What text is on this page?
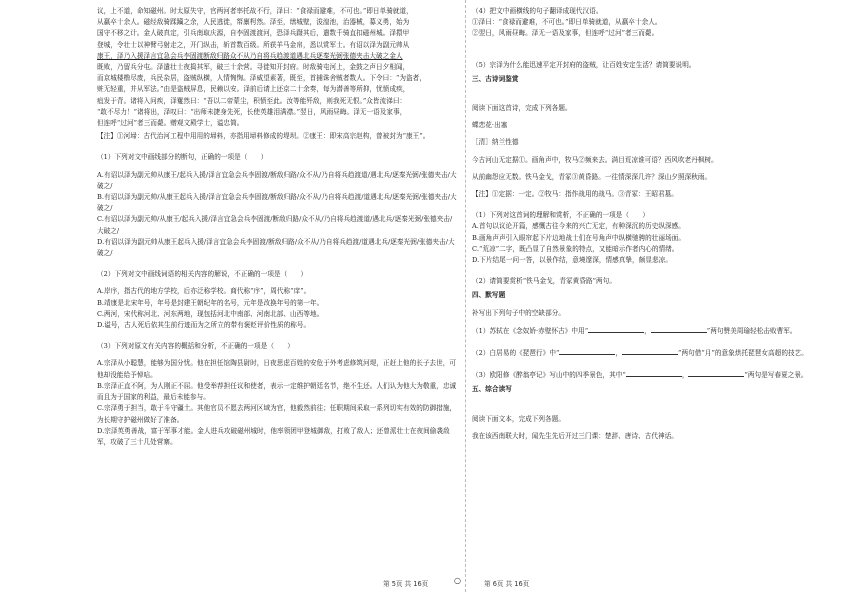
议，上不道，命知磁州。时太原失守，官两河者率托故不行，泽曰：“食禄而避难，不可也。”即日单骑就道，

从羸卒十余人。磁经敌骑蹂躏之余，人民逃徙，帑廪枵然。泽至，缮城壁，浚湟池，治器械，募义勇，始为

国守不移之计。金人破真定，引兵南取庆源，自李固渡渡河，恐泽兵蹑其后，遣数千骑直扣磁州城。泽擐甲

登城，令壮士以神臂弓射走之，开门纵击，斩首数百级。所获羊马金帛，悉以赏军士。有诏以泽为副元帅从

康王，泽乃入援泽言宜急会兵李固渡断敌归路众不从乃自将兵趋渡道遇北兵逐秦光弼张德夹击大破之金人

既败，乃留兵分屯。泽遣壮士夜捣其军，破三十余营。寻徙知开封府。时敌骑屯河上，金鼓之声日夕相闻，

而京城楼橹尽废，兵民杂居，盗贼纵横，人情恟恟。泽威望素著，既至，首捕诛舍贼者数人。下令曰：“为盗者，

赃无轻重，并从军法。”由是盗贼屏息，民赖以安。泽前后请上还京二十余奏，每为潜善等所抑，忧愤成疾，

疽发于背。诸将入问疾，泽矍然曰：“吾以二帝蒙尘，积愤至此。汝等能歼敌，则我死无恨。”众皆流涕曰：

“敢不尽力！”诸将出，泽叹曰：“出师未捷身先死，长使英雄泪满襟。”翌日，风雨昼晦。泽无一语及家事，

但连呼“过河”者三而薨。赠观文殿学士，谥忠简。

【注】①河埽：古代治河工程中用用的埽料，亦指用埽料修成的堤坝。②康王：即宋高宗赵构，曾被封为“康王”。

（1）下列对文中画线部分的断句，正确的一项是（　　）

A.有诏以泽为副元帅从康王/起兵入援/泽言宜急会兵李固渡/断敌归路/众不从/乃自将兵趋渡道/遇北兵/逐秦光弼/张德夹击/大破之/

B.有诏以泽为副元帅/从康王起兵入援/泽言宜急会兵李固渡/断敌归路/众不从/乃自将兵趋渡/道遇北兵/逐秦光弼/张德夹击/大破之/

C.有诏以泽为副元帅/从康王/起兵入援/泽言宜急会兵李固渡/断敌归路/众不从/乃自将兵趋渡道/遇北兵/逐秦光弼/张德夹击/大破之/

D.有诏以泽为副元帅从康王起兵入援/泽言宜急会兵李固渡/断敌归路/众不从/乃自将兵趋渡/道遇北兵/逐秦光弼/张德夹击/大破之/

（2）下列对文中画线词语的相关内容的解说，不正确的一项是（　　）

A.岸序，指古代的地方学校，后亦泛称学校。商代称“序”，周代称“庠”。

B.靖康是北宋年号，年号是封建王朝纪年的名号，元年是改换年号的第一年。

C.两河，宋代称河北、河东两地，现包括河北中南部、河南北部、山西等地。

D.谥号，古人死后依其生前行迹而为之所立的带有褒贬评价性质的称号。

（3）下列对原文有关内容的概括和分析，不正确的一项是（　　）

A.宗泽从小聪慧，能够为国分忧。他在担任馆陶县尉时，日夜思虑百姓的安危于外考虑修筑河堤，正赶上他的长子去世，可他却没能给予悼唁。

B.宗泽正直不阿，为人刚正不屈。他受举荐担任议和使者，表示一定维护朝廷名节，绝不生还。人们认为他大为敬重，忠诚而且为于国家的利益，最后未能参与。

C.宗泽勇于担当，敢于斗守疆土。其他官员不愿去两河区域为官，他毅然前往；任职期间采取一系列切实有效的防御措施，为长期守护磁州做好了准备。

D.宗泽英勇善战，富于军事才能。金人进兵攻破磁州城时，他率领团甲登城御敌，打败了敌人；还曾派壮士在夜间偷袭敌军，攻破了三十几处营寨。

（4）把文中画横线的句子翻译成现代汉语。

①泽曰：“食禄而避难，不可也。”即日单骑就道，从羸卒十余人。

②翌日，风雨昼晦。泽无一语及家事，但连呼“过河”者三而薨。

（5）宗泽为什么能迅速平定开封府的盗贼，让百姓安定生活？请简要说明。

三、古诗词鉴赏

阅读下面这首诗，完成下列各题。

蝶恋花·出塞

［清］纳兰性德

今古河山无定据①。画角声中，牧马②频来去。满目荒凉谁可语？西风吹老丹枫树。

从前幽怨应无数。铁马金戈，青冢③黄昏路。一往情深深几许？深山夕照深秋雨。

【注】①定据：一定。②牧马：指作战用的战马。③青冢：王昭君墓。

（1）下列对这首词的理解和赏析，不正确的一项是（　　）

A.首句以议论开篇，感慨古往今来的兴亡无定，有种深沉的历史纵深感。

B.画角声声引入眼帘起下片边地战士们在号角声中纵横驰骋的壮丽场面。

C.“荒凉”二字，既凸显了自然景象的特点，又能暗示作者内心的情绪。

D.下片结尾一问一答，以景作结，意境邃深，情感真挚，颇显悲凉。

（2）请简要赏析“铁马金戈，青冢黄昏路”两句。

四、默写题

补写出下列句子中的空缺部分。

（1）苏轼在《念奴娇·赤壁怀古》中用“	，	”两句赞美周瑜轻松击败曹军。

（2）白居易的《琵琶行》中“	，	”两句借“月”的意象烘托琵琶女高超的技艺。

（3）欧阳修《醉翁亭记》写山中的四季景色，其中“	，	”两句是写春夏之景。

五、综合读写

阅读下面文本，完成下列各题。

我在该西南联大时，闻先生先后开过三门课：楚辞、唐诗、古代神话。

第 5页 共 16页	○	第 6页 共 16页
